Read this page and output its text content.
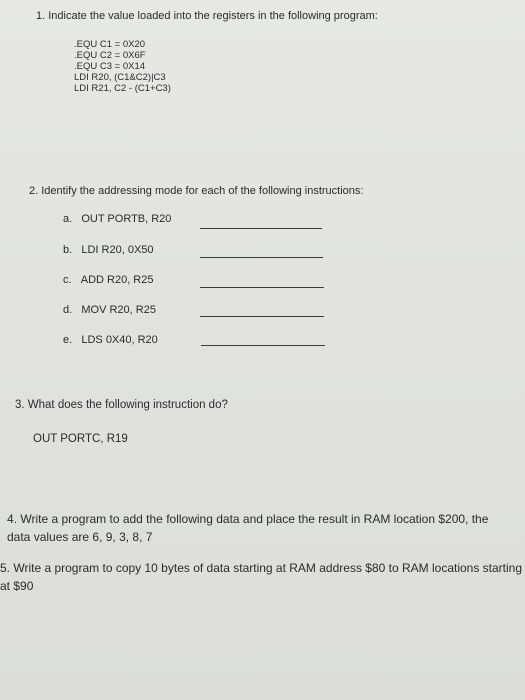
1. Indicate the value loaded into the registers in the following program:
.EQU C1 = 0X20
.EQU C2 = 0X6F
.EQU C3 = 0X14
LDI R20, (C1&C2)|C3
LDI R21, C2 - (C1+C3)
2. Identify the addressing mode for each of the following instructions:
a. OUT PORTB, R20
b. LDI R20, 0X50
c. ADD R20, R25
d. MOV R20, R25
e. LDS 0X40, R20
3. What does the following instruction do?
OUT PORTC, R19
4. Write a program to add the following data and place the result in RAM location $200, the data values are 6, 9, 3, 8, 7
5. Write a program to copy 10 bytes of data starting at RAM address $80 to RAM locations starting at $90
